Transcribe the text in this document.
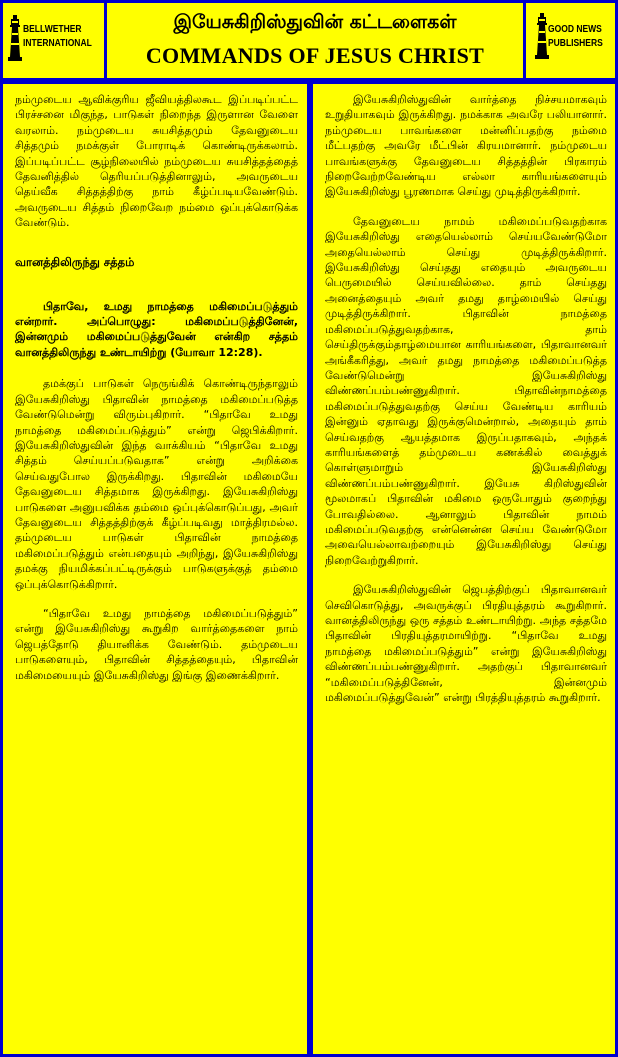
BELLWETHER
INTERNATIONAL
இயேசுகிறிஸ்துவின் கட்டளைகள்
COMMANDS OF JESUS CHRIST
GOOD NEWS
PUBLISHERS

நம்முடைய ஆவிக்குரிய ஜீவியத்திலகூட இப்படிப்பட்ட பிரச்சனை மிகுந்த, பாடுகள் நிறைந்த இருளான வேளை வரலாம். நம்முடைய சுயசித்தமும் தேவனுடைய சித்தமும் நமக்குள் போராடிக் கொண்டிருக்கலாம். இப்படிப்பட்ட சூழ்நிலையில் நம்முடைய சுயசித்தத்தைத் தேவனித்தில் தெரியப்படுத்தினாலும், அவருடைய தெய்வீக சித்தத்திற்கு நாம் கீழ்ப்படியவேண்டும். அவருடைய சித்தம் நிறைவேற நம்மை ஒப்புக்கொடுக்க வேண்டும்.

வானத்திலிருந்து சத்தம்

பிதாவே, உமது நாமத்தை மகிமைப்படுத்தும் என்றார். அப்பொழுது: மகிமைப்படுத்தினேன், இன்னமும் மகிமைப்படுத்துவேன் என்கிற சத்தம் வானத்திலிருந்து உண்டாயிற்று (யோவா 12:28).

தமக்குப் பாடுகள் நெருங்கிக் கொண்டிருந்தாலும் இயேசுகிறிஸ்து பிதாவின் நாமத்தை மகிமைப்படுத்த வேண்டுமென்று விரும்புகிறார். “பிதாவே உமது நாமத்தை மகிமைப்படுத்தும்” என்று ஜெபிக்கிறார். இயேசுகிறிஸ்துவின் இந்த வாக்கியம் “பிதாவே உமது சித்தம் செய்யப்படுவதாக” என்று அறிக்கை செய்வதுபோல இருக்கிறது. பிதாவின் மகிமையே தேவனுடைய சித்தமாக இருக்கிறது. இயேசுகிறிஸ்து பாடுகளை அனுபவிக்க தம்மை ஒப்புக்கொடுப்பது, அவர் தேவனுடைய சித்தத்திற்குக் கீழ்ப்படிவது மாத்திரமல்ல. தம்முடைய பாடுகள் பிதாவின் நாமத்தை மகிமைப்படுத்தும் என்பதையும் அறிந்து, இயேசுகிறிஸ்து தமக்கு நியமிக்கப்பட்டிருக்கும் பாடுகளுக்குத் தம்மை ஒப்புக்கொடுக்கிறார்.

“பிதாவே உமது நாமத்தை மகிமைப்படுத்தும்” என்று இயேசுகிறிஸ்து கூறுகிற வார்த்தைகளை நாம் ஜெபத்தோடு தியானிக்க வேண்டும். தம்முடைய பாடுகளையும், பிதாவின் சித்தத்தையும், பிதாவின் மகிமையையும் இயேசுகிறிஸ்து இங்கு இணைக்கிறார்.

இயேசுகிறிஸ்துவின் வார்த்தை நிச்சயமாகவும் உறுதியாகவும் இருக்கிறது. நமக்காக அவரே பலியானார். நம்முடைய பாவங்களை மன்னிப்பதற்கு நம்மை மீட்பதற்கு அவரே மீட்பின் கிரயமானார். நம்முடைய பாவங்களுக்கு தேவனுடைய சித்தத்தின் பிரகாரம் நிறைவேற்றவேண்டிய எல்லா காரியங்களையும் இயேசுகிறிஸ்து பூரணமாக செய்து முடித்திருக்கிறார்.

தேவனுடைய நாமம் மகிமைப்படுவதற்காக இயேசுகிறிஸ்து எதையெல்லாம் செய்யவேண்டுமோ அதையெல்லாம் செய்து முடித்திருக்கிறார். இயேசுகிறிஸ்து செய்தது எதையும் அவருடைய பெருமையில் செய்யவில்லை. தாம் செய்தது அனைத்தையும் அவர் தமது தாழ்மையில் செய்து முடித்திருக்கிறார். பிதாவின் நாமத்தை மகிமைப்படுத்துவதற்காக, தாம் செய்திருக்கும்தாழ்மையான காரியங்களை, பிதாவானவர் அங்கீகரித்து, அவர் தமது நாமத்தை மகிமைப்படுத்த வேண்டுமென்று இயேசுகிறிஸ்து விண்ணப்பம்பண்ணுகிறார். பிதாவின்நாமத்தை மகிமைப்படுத்துவதற்கு செய்ய வேண்டிய காரியம் இன்னும் ஏதாவது இருக்குமென்றால், அதையும் தாம் செய்வதற்கு ஆயத்தமாக இருப்பதாகவும், அந்தக் காரியங்களைத் தம்முடைய கணக்கில் வைத்துக் கொள்ளுமாறும் இயேசுகிறிஸ்து விண்ணப்பம்பண்ணுகிறார். இயேசு கிறிஸ்துவின் மூலமாகப் பிதாவின் மகிமை ஒருபோதும் குறைந்து போவதில்லை. ஆனாலும் பிதாவின் நாமம் மகிமைப்படுவதற்கு என்னென்ன செய்ய வேண்டுமோ அவையெல்லாவற்றையும் இயேசுகிறிஸ்து செய்து நிறைவேற்றுகிறார்.

இயேசுகிறிஸ்துவின் ஜெபத்திற்குப் பிதாவானவர் செவிகொடுத்து, அவருக்குப் பிரதியுத்தரம் கூறுகிறார். வானத்திலிருந்து ஒரு சத்தம் உண்டாயிற்று. அந்த சத்தமே பிதாவின் பிரதியுத்தரமாயிற்று. “பிதாவே உமது நாமத்தை மகிமைப்படுத்தும்” என்று இயேசுகிறிஸ்து விண்ணப்பம்பண்ணுகிறார். அதற்குப் பிதாவானவர் “மகிமைப்படுத்தினேன், இன்னமும் மகிமைப்படுத்துவேன்” என்று பிரத்தியுத்தரம் கூறுகிறார்.
